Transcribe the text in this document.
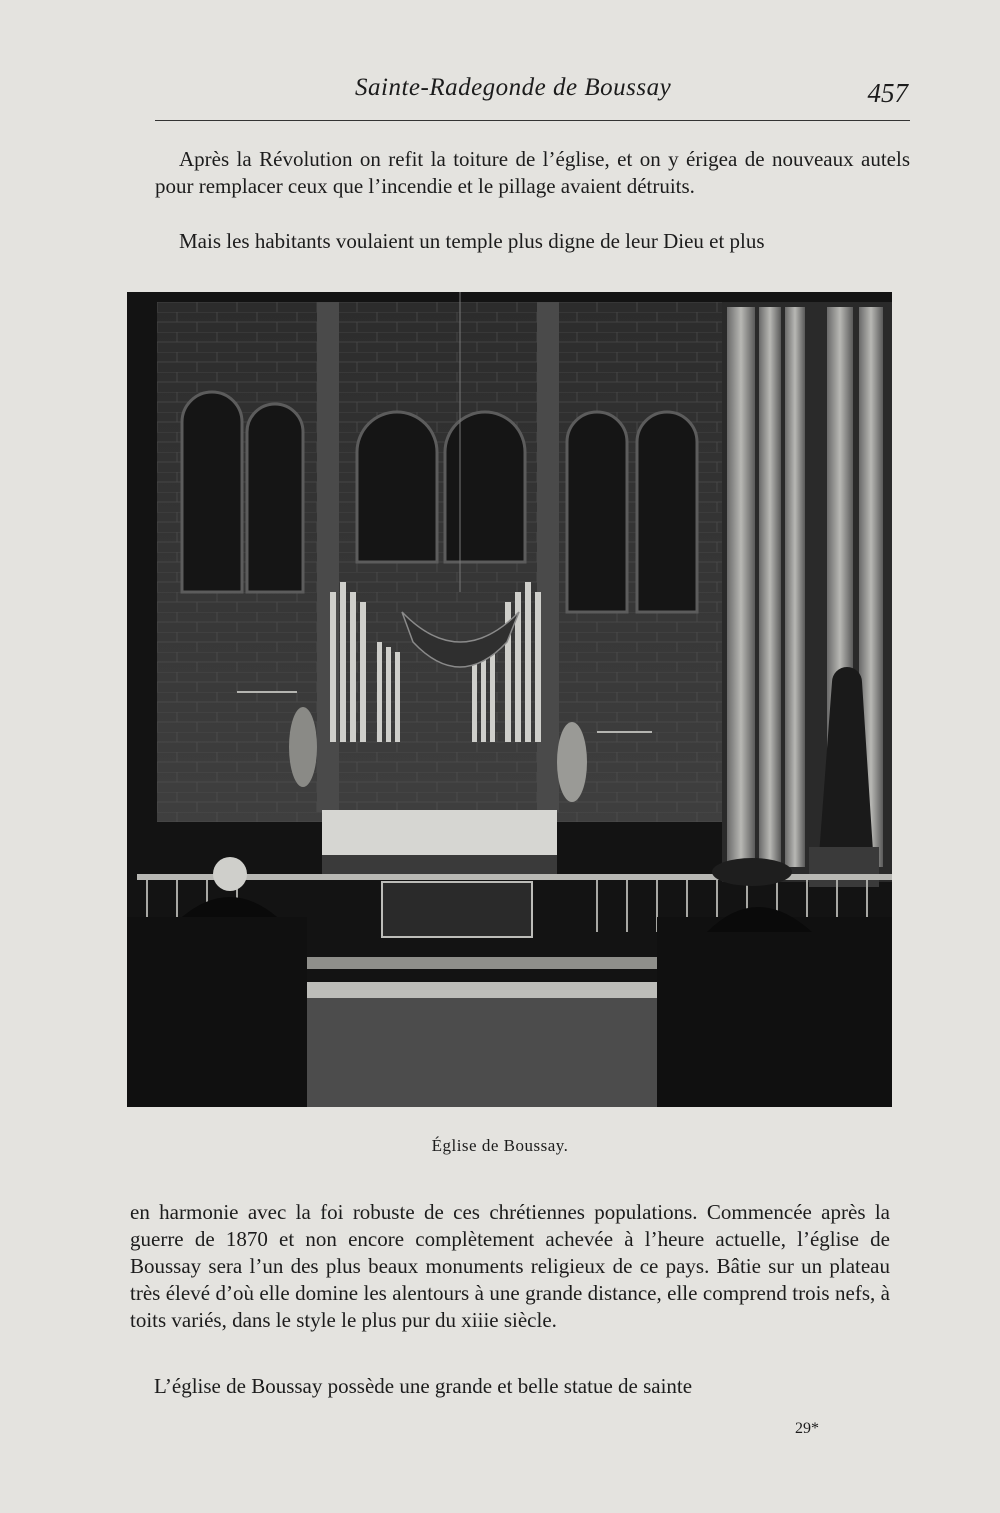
Sainte-Radegonde de Boussay	457

Après la Révolution on refit la toiture de l’église, et on y érigea de nouveaux autels pour remplacer ceux que l’incendie et le pillage avaient détruits.

Mais les habitants voulaient un temple plus digne de leur Dieu et plus

Église de Boussay.

en harmonie avec la foi robuste de ces chrétiennes populations. Commencée après la guerre de 1870 et non encore complètement achevée à l’heure actuelle, l’église de Boussay sera l’un des plus beaux monuments religieux de ce pays. Bâtie sur un plateau très élevé d’où elle domine les alentours à une grande distance, elle comprend trois nefs, à toits variés, dans le style le plus pur du xiiie siècle.

L’église de Boussay possède une grande et belle statue de sainte

29*
